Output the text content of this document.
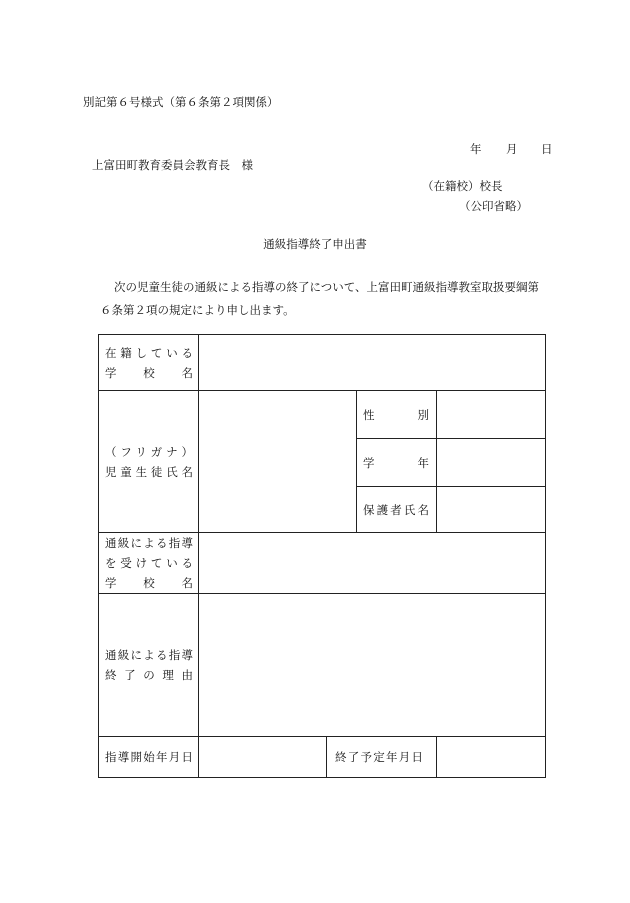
別記第６号様式（第６条第２項関係）
年 月 日
上富田町教育委員会教育長　様
（在籍校）校長
（公印省略）
通級指導終了申出書
次の児童生徒の通級による指導の終了について、上富田町通級指導教室取扱要綱第
６条第２項の規定により申し出ます。
在籍している
学　校　名				

（フリガナ）
児童生徒氏名			性　　別	

			学　　年	

			保護者氏名	

通級による指導
を受けている
学　校　名				

通級による指導
終了の理由				

指導開始年月日		終了予定年月日		
